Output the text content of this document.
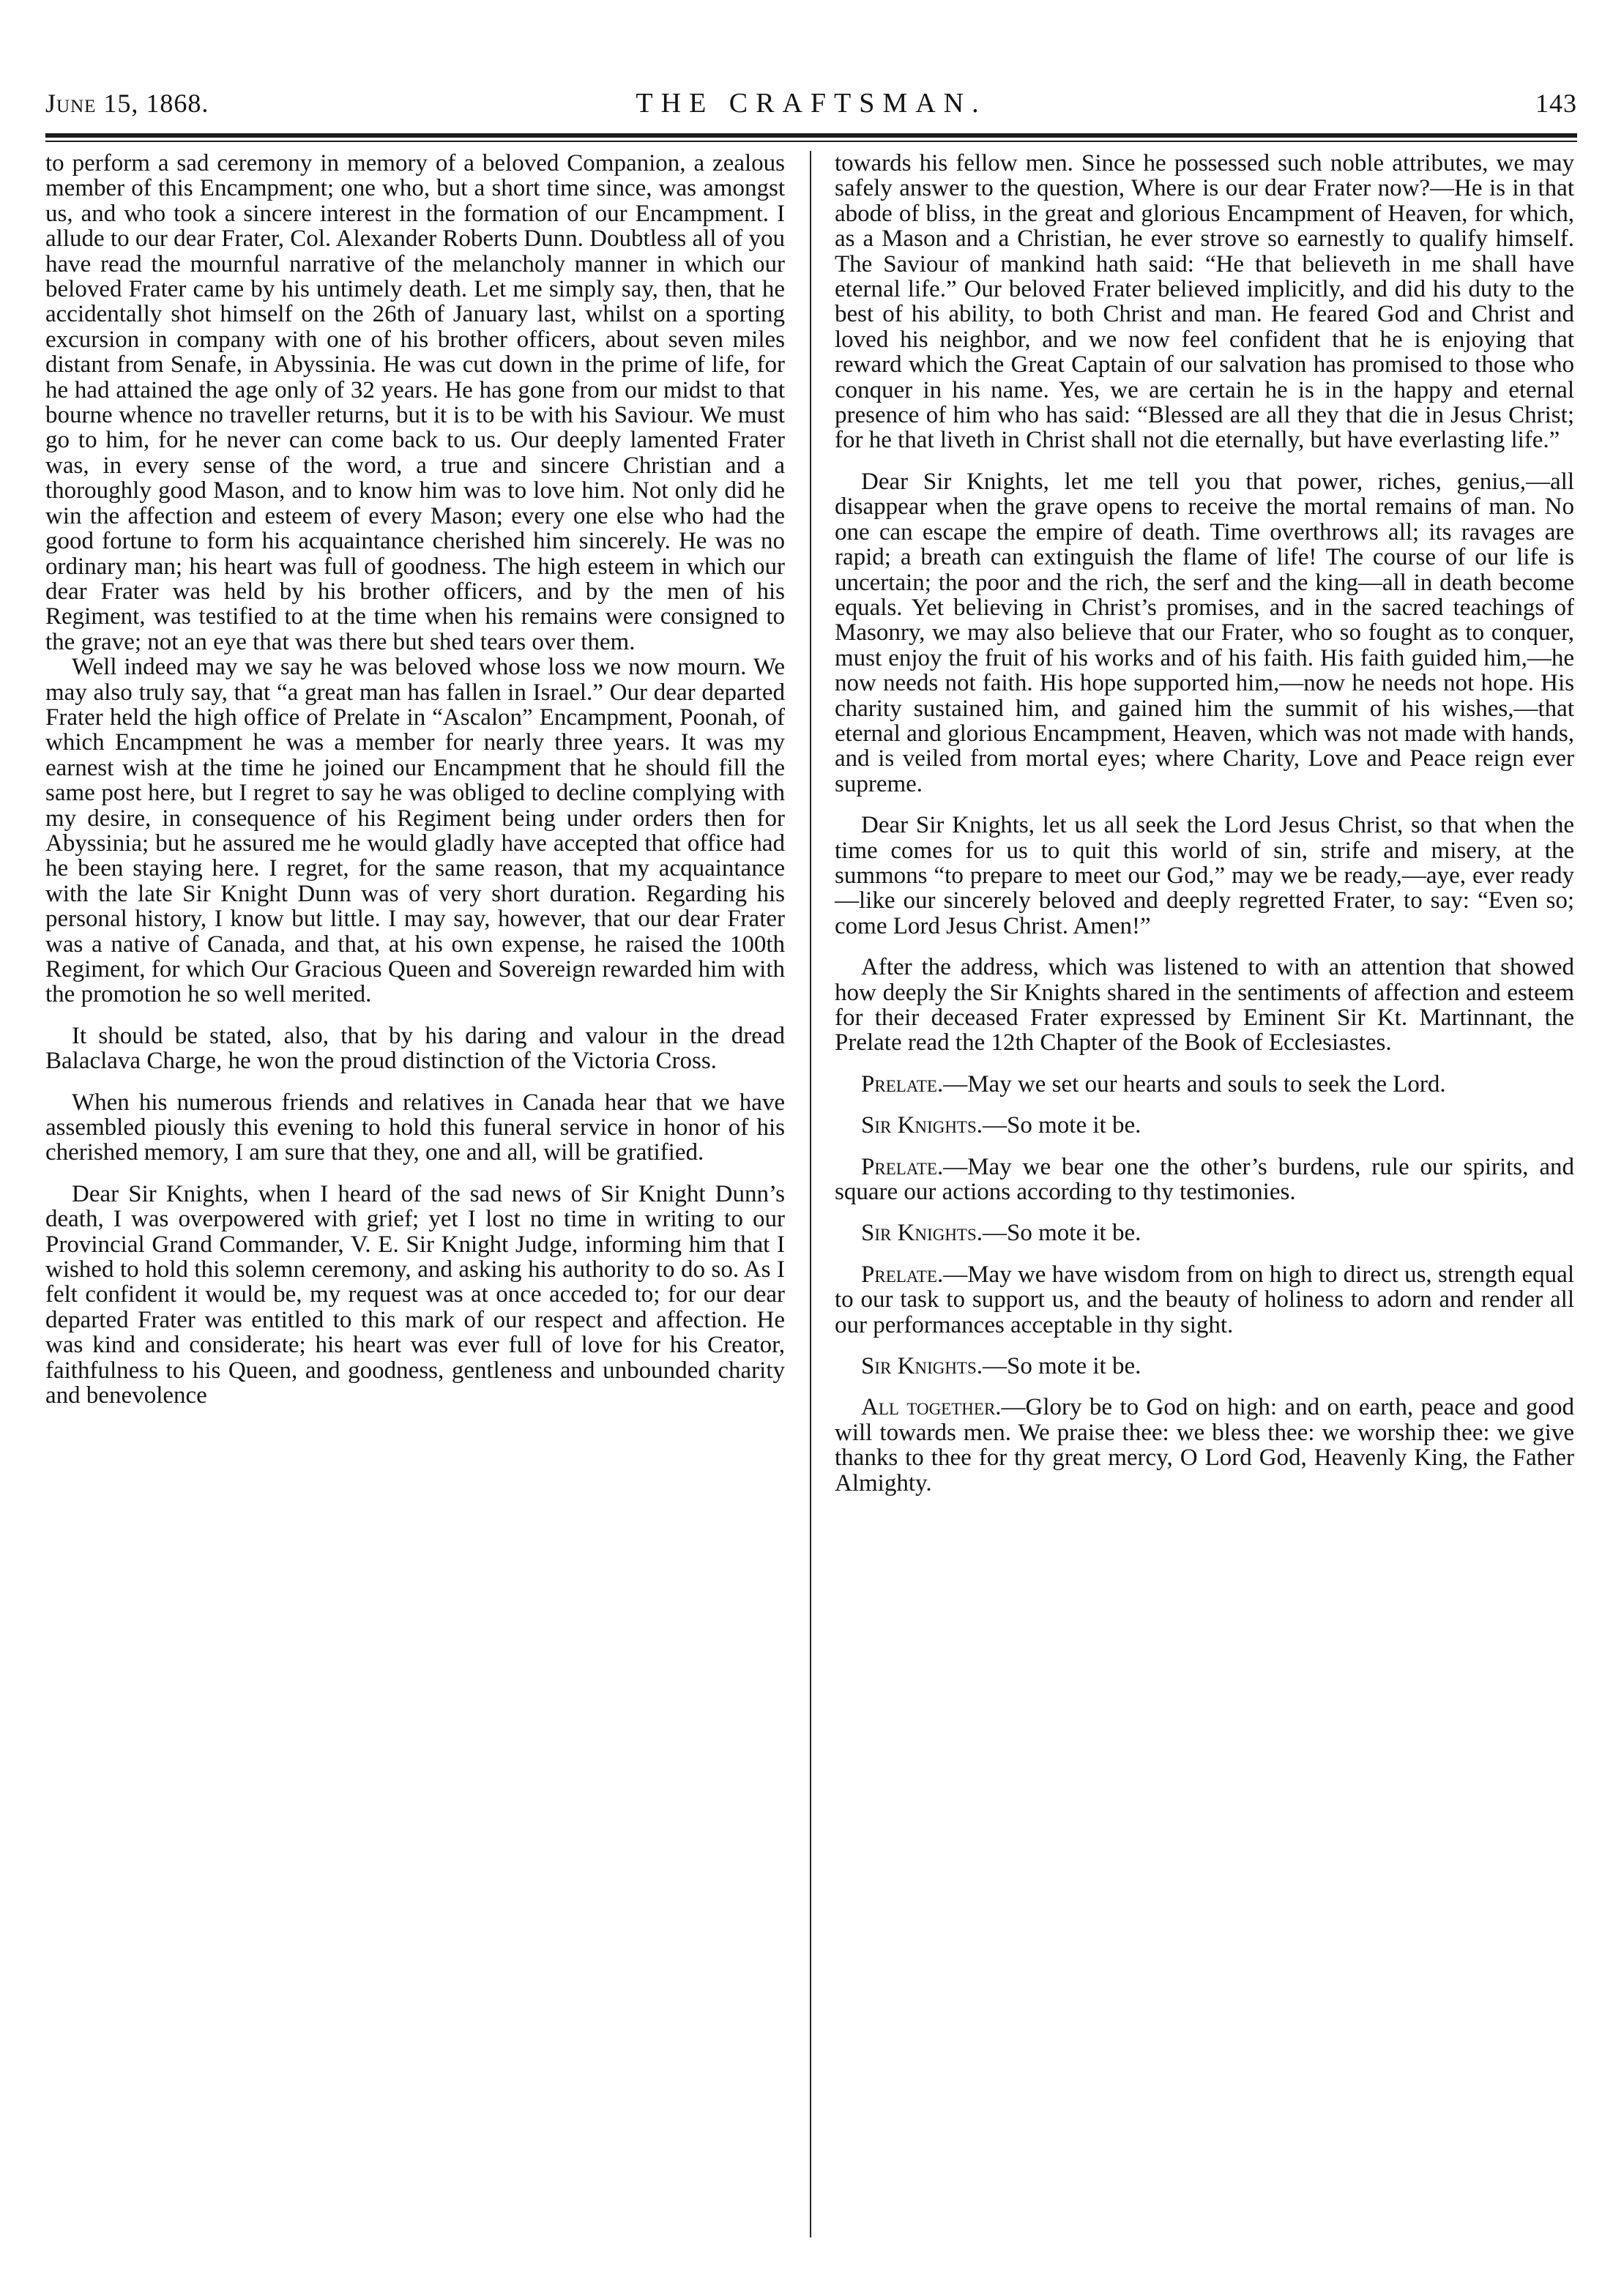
June 15, 1868.	THE CRAFTSMAN.	143

to perform a sad ceremony in memory of a beloved Companion, a zealous member of this Encampment; one who, but a short time since, was amongst us, and who took a sincere interest in the formation of our Encampment. I allude to our dear Frater, Col. Alexander Roberts Dunn. Doubtless all of you have read the mournful narrative of the melancholy manner in which our beloved Frater came by his untimely death. Let me simply say, then, that he accidentally shot himself on the 26th of January last, whilst on a sporting excursion in company with one of his brother officers, about seven miles distant from Senafe, in Abyssinia. He was cut down in the prime of life, for he had attained the age only of 32 years. He has gone from our midst to that bourne whence no traveller returns, but it is to be with his Saviour. We must go to him, for he never can come back to us. Our deeply lamented Frater was, in every sense of the word, a true and sincere Christian and a thoroughly good Mason, and to know him was to love him. Not only did he win the affection and esteem of every Mason; every one else who had the good fortune to form his acquaintance cherished him sincerely. He was no ordinary man; his heart was full of goodness. The high esteem in which our dear Frater was held by his brother officers, and by the men of his Regiment, was testified to at the time when his remains were consigned to the grave; not an eye that was there but shed tears over them.

Well indeed may we say he was beloved whose loss we now mourn. We may also truly say, that “a great man has fallen in Israel.” Our dear departed Frater held the high office of Prelate in “Ascalon” Encampment, Poonah, of which Encampment he was a member for nearly three years. It was my earnest wish at the time he joined our Encampment that he should fill the same post here, but I regret to say he was obliged to decline complying with my desire, in consequence of his Regiment being under orders then for Abyssinia; but he assured me he would gladly have accepted that office had he been staying here. I regret, for the same reason, that my acquaintance with the late Sir Knight Dunn was of very short duration. Regarding his personal history, I know but little. I may say, however, that our dear Frater was a native of Canada, and that, at his own expense, he raised the 100th Regiment, for which Our Gracious Queen and Sovereign rewarded him with the promotion he so well merited.

It should be stated, also, that by his daring and valour in the dread Balaclava Charge, he won the proud distinction of the Victoria Cross.

When his numerous friends and relatives in Canada hear that we have assembled piously this evening to hold this funeral service in honor of his cherished memory, I am sure that they, one and all, will be gratified.

Dear Sir Knights, when I heard of the sad news of Sir Knight Dunn’s death, I was overpowered with grief; yet I lost no time in writing to our Provincial Grand Commander, V. E. Sir Knight Judge, informing him that I wished to hold this solemn ceremony, and asking his authority to do so. As I felt confident it would be, my request was at once acceded to; for our dear departed Frater was entitled to this mark of our respect and affection. He was kind and considerate; his heart was ever full of love for his Creator, faithfulness to his Queen, and goodness, gentleness and unbounded charity and benevolence

towards his fellow men. Since he possessed such noble attributes, we may safely answer to the question, Where is our dear Frater now?—He is in that abode of bliss, in the great and glorious Encampment of Heaven, for which, as a Mason and a Christian, he ever strove so earnestly to qualify himself. The Saviour of mankind hath said: “He that believeth in me shall have eternal life.” Our beloved Frater believed implicitly, and did his duty to the best of his ability, to both Christ and man. He feared God and Christ and loved his neighbor, and we now feel confident that he is enjoying that reward which the Great Captain of our salvation has promised to those who conquer in his name. Yes, we are certain he is in the happy and eternal presence of him who has said: “Blessed are all they that die in Jesus Christ; for he that liveth in Christ shall not die eternally, but have everlasting life.”

Dear Sir Knights, let me tell you that power, riches, genius,—all disappear when the grave opens to receive the mortal remains of man. No one can escape the empire of death. Time overthrows all; its ravages are rapid; a breath can extinguish the flame of life! The course of our life is uncertain; the poor and the rich, the serf and the king—all in death become equals. Yet believing in Christ’s promises, and in the sacred teachings of Masonry, we may also believe that our Frater, who so fought as to conquer, must enjoy the fruit of his works and of his faith. His faith guided him,—he now needs not faith. His hope supported him,—now he needs not hope. His charity sustained him, and gained him the summit of his wishes,—that eternal and glorious Encampment, Heaven, which was not made with hands, and is veiled from mortal eyes; where Charity, Love and Peace reign ever supreme.

Dear Sir Knights, let us all seek the Lord Jesus Christ, so that when the time comes for us to quit this world of sin, strife and misery, at the summons “to prepare to meet our God,” may we be ready,—aye, ever ready—like our sincerely beloved and deeply regretted Frater, to say: “Even so; come Lord Jesus Christ. Amen!”

After the address, which was listened to with an attention that showed how deeply the Sir Knights shared in the sentiments of affection and esteem for their deceased Frater expressed by Eminent Sir Kt. Martinnant, the Prelate read the 12th Chapter of the Book of Ecclesiastes.

Prelate.—May we set our hearts and souls to seek the Lord.

Sir Knights.—So mote it be.

Prelate.—May we bear one the other’s burdens, rule our spirits, and square our actions according to thy testimonies.

Sir Knights.—So mote it be.

Prelate.—May we have wisdom from on high to direct us, strength equal to our task to support us, and the beauty of holiness to adorn and render all our performances acceptable in thy sight.

Sir Knights.—So mote it be.

All together.—Glory be to God on high: and on earth, peace and good will towards men. We praise thee: we bless thee: we worship thee: we give thanks to thee for thy great mercy, O Lord God, Heavenly King, the Father Almighty.
